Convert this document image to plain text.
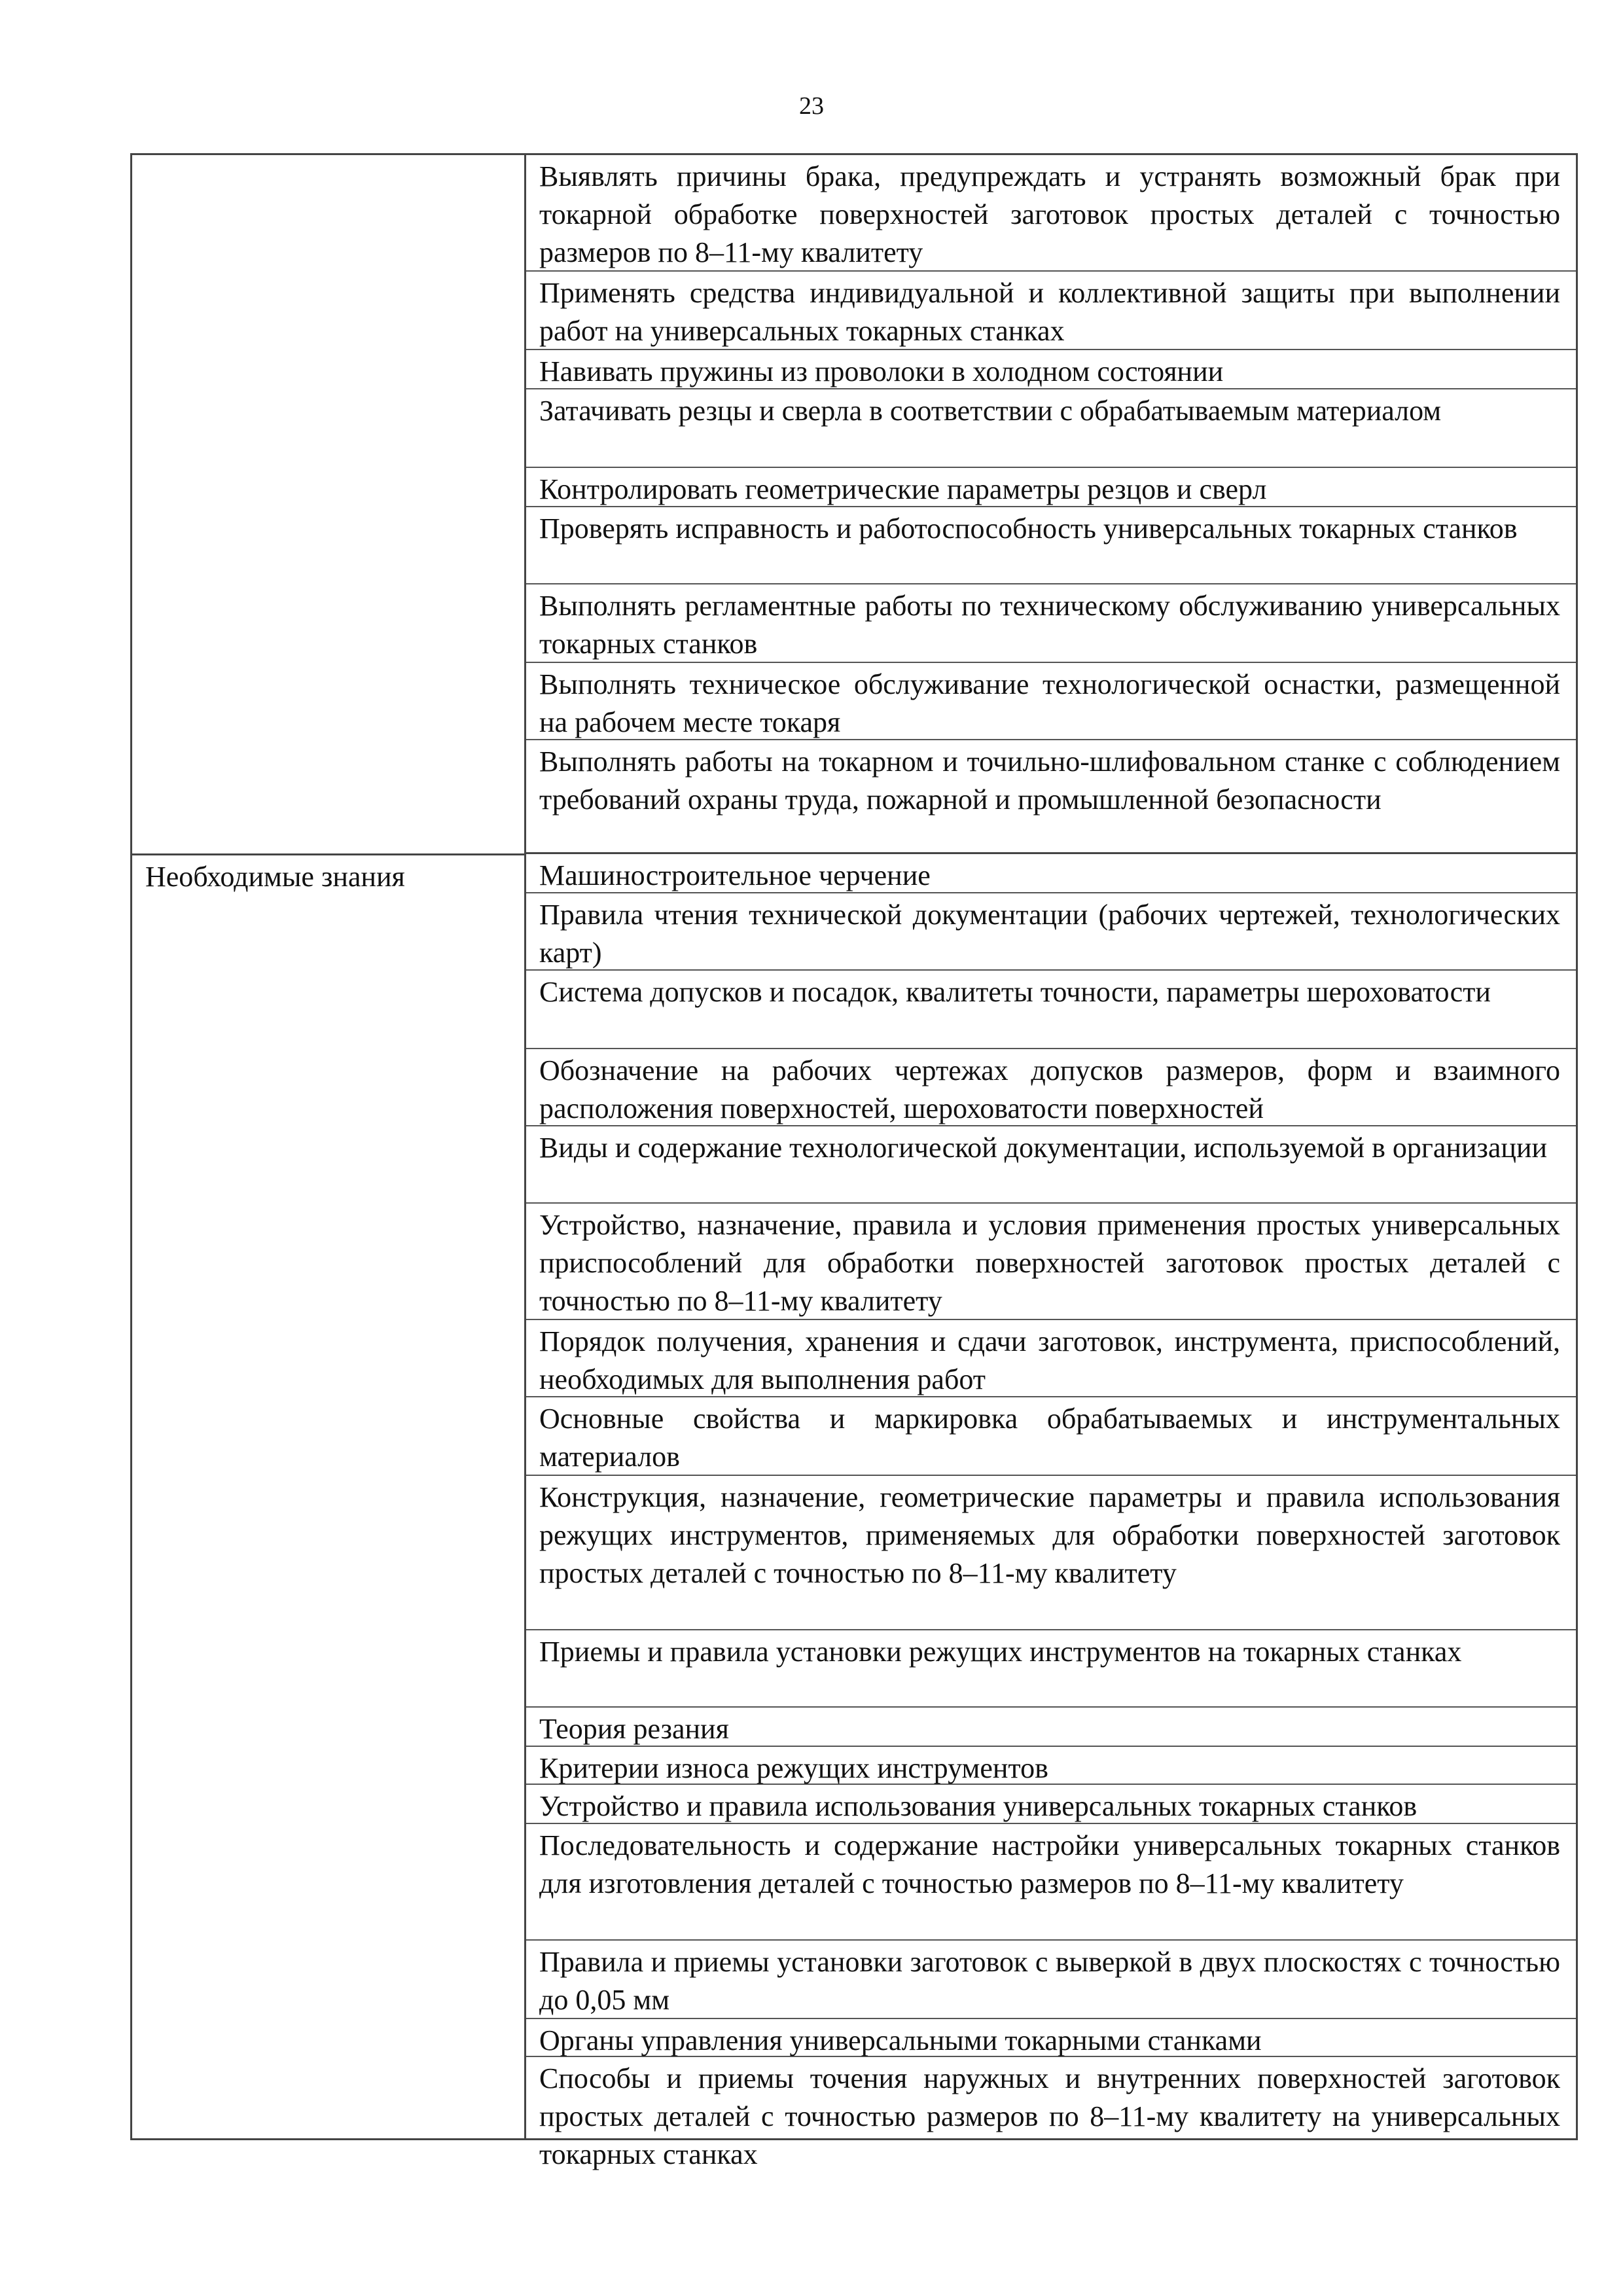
23
Необходимые знания
Выявлять причины брака, предупреждать и устранять возможный брак при токарной обработке поверхностей заготовок простых деталей с точностью размеров по 8–11-му квалитету
Применять средства индивидуальной и коллективной защиты при выполнении работ на универсальных токарных станках
Навивать пружины из проволоки в холодном состоянии
Затачивать резцы и сверла в соответствии с обрабатываемым материалом
Контролировать геометрические параметры резцов и сверл
Проверять исправность и работоспособность универсальных токарных станков
Выполнять регламентные работы по техническому обслуживанию универсальных токарных станков
Выполнять техническое обслуживание технологической оснастки, размещенной на рабочем месте токаря
Выполнять работы на токарном и точильно-шлифовальном станке с соблюдением требований охраны труда, пожарной и промышленной безопасности
Машиностроительное черчение
Правила чтения технической документации (рабочих чертежей, технологических карт)
Система допусков и посадок, квалитеты точности, параметры шероховатости
Обозначение на рабочих чертежах допусков размеров, форм и взаимного расположения поверхностей, шероховатости поверхностей
Виды и содержание технологической документации, используемой в организации
Устройство, назначение, правила и условия применения простых универсальных приспособлений для обработки поверхностей заготовок простых деталей с точностью по 8–11-му квалитету
Порядок получения, хранения и сдачи заготовок, инструмента, приспособлений, необходимых для выполнения работ
Основные свойства и маркировка обрабатываемых и инструментальных материалов
Конструкция, назначение, геометрические параметры и правила использования режущих инструментов, применяемых для обработки поверхностей заготовок простых деталей с точностью по 8–11-му квалитету
Приемы и правила установки режущих инструментов на токарных станках
Теория резания
Критерии износа режущих инструментов
Устройство и правила использования универсальных токарных станков
Последовательность и содержание настройки универсальных токарных станков для изготовления деталей с точностью размеров по 8–11-му квалитету
Правила и приемы установки заготовок с выверкой в двух плоскостях с точностью до 0,05 мм
Органы управления универсальными токарными станками
Способы и приемы точения наружных и внутренних поверхностей заготовок простых деталей с точностью размеров по 8–11-му квалитету на универсальных токарных станках
